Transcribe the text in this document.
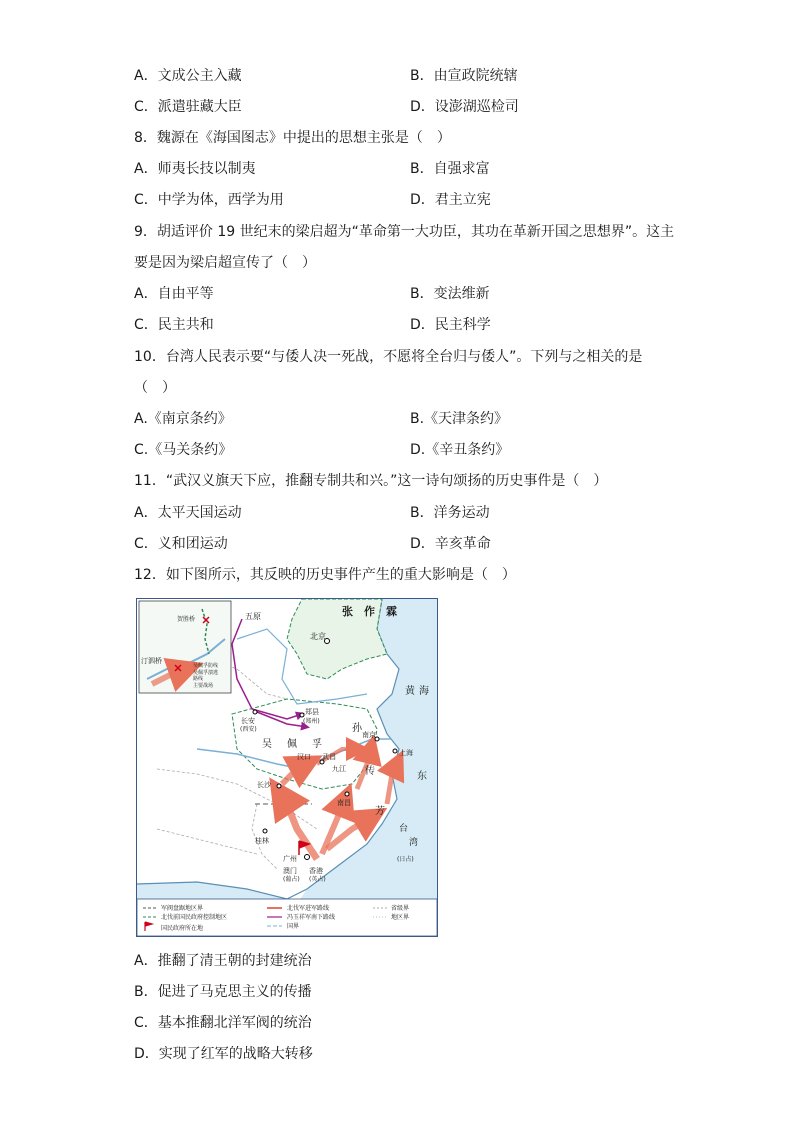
A．文成公主入藏	B．由宣政院统辖
C．派遣驻藏大臣	D．设澎湖巡检司
8．魏源在《海国图志》中提出的思想主张是（　）
A．师夷长技以制夷	B．自强求富
C．中学为体，西学为用	D．君主立宪
9．胡适评价 19 世纪末的梁启超为“革命第一大功臣，其功在革新开国之思想界”。这主
要是因为梁启超宣传了（　）
A．自由平等	B．变法维新
C．民主共和	D．民主科学
10．台湾人民表示要“与倭人决一死战，不愿将全台归与倭人”。下列与之相关的是
（　）
A.《南京条约》	B.《天津条约》
C.《马关条约》	D.《辛丑条约》
11．“武汉义旗天下应，推翻专制共和兴。”这一诗句颂扬的历史事件是（　）
A．太平天国运动	B．洋务运动
C．义和团运动	D．辛亥革命
12．如下图所示，其反映的历史事件产生的重大影响是（　）
张　作　霖
北京
五原
郑县
(郑州)
长安
(西安)
吴 佩 孚
孙
传
芳
南京
上海
汉口 武昌
九江
长沙
南昌
桂林
广州
澳门
(葡占)
香港
(英占)
台
湾
(日占)
黄 海
东
汀泗桥
贺胜桥
吴佩孚防线
吴佩孚溃逃
路线
主要战场
军阀盘踞地区界
北伐前国民政府控制地区
国民政府所在地
北伐军进军路线
冯玉祥军南下路线
国界
省级界
地区界
A．推翻了清王朝的封建统治
B．促进了马克思主义的传播
C．基本推翻北洋军阀的统治
D．实现了红军的战略大转移
